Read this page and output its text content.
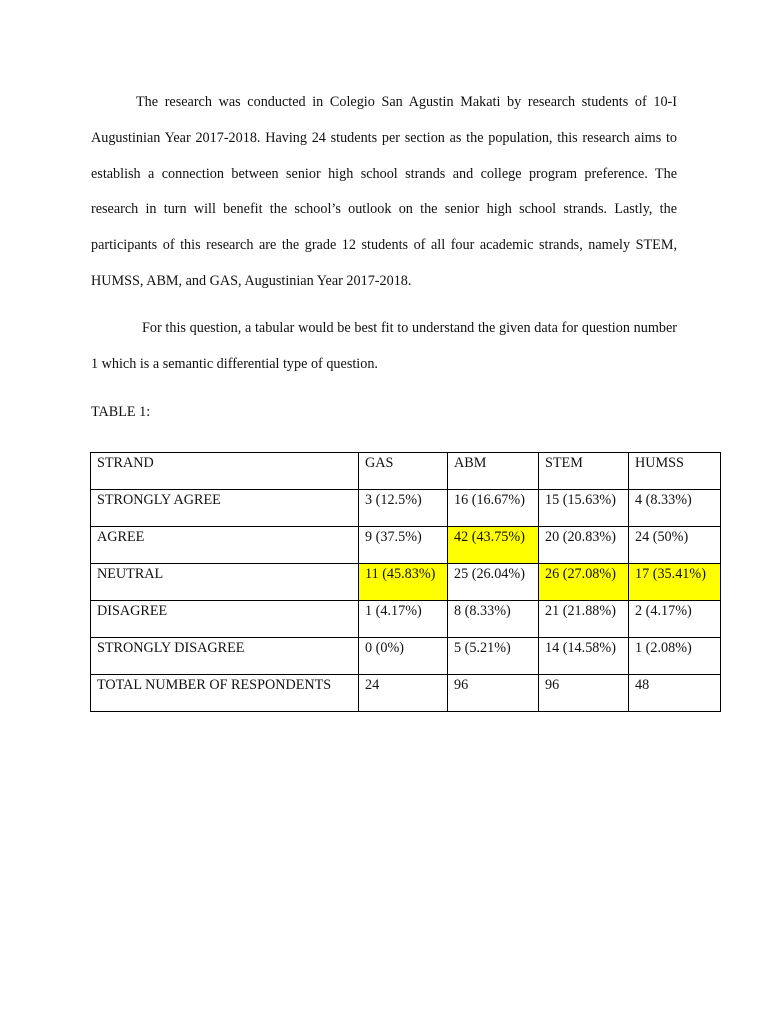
The research was conducted in Colegio San Agustin Makati by research students of 10-I Augustinian Year 2017-2018. Having 24 students per section as the population, this research aims to establish a connection between senior high school strands and college program preference. The research in turn will benefit the school’s outlook on the senior high school strands. Lastly, the participants of this research are the grade 12 students of all four academic strands, namely STEM, HUMSS, ABM, and GAS, Augustinian Year 2017-2018.

For this question, a tabular would be best fit to understand the given data for question number 1 which is a semantic differential type of question.

TABLE 1:

STRAND	GAS	ABM	STEM	HUMSS
STRONGLY AGREE	3 (12.5%)	16 (16.67%)	15 (15.63%)	4 (8.33%)
AGREE	9 (37.5%)	42 (43.75%)	20 (20.83%)	24 (50%)
NEUTRAL	11 (45.83%)	25 (26.04%)	26 (27.08%)	17 (35.41%)
DISAGREE	1 (4.17%)	8 (8.33%)	21 (21.88%)	2 (4.17%)
STRONGLY DISAGREE	0 (0%)	5 (5.21%)	14 (14.58%)	1 (2.08%)
TOTAL NUMBER OF RESPONDENTS	24	96	96	48
